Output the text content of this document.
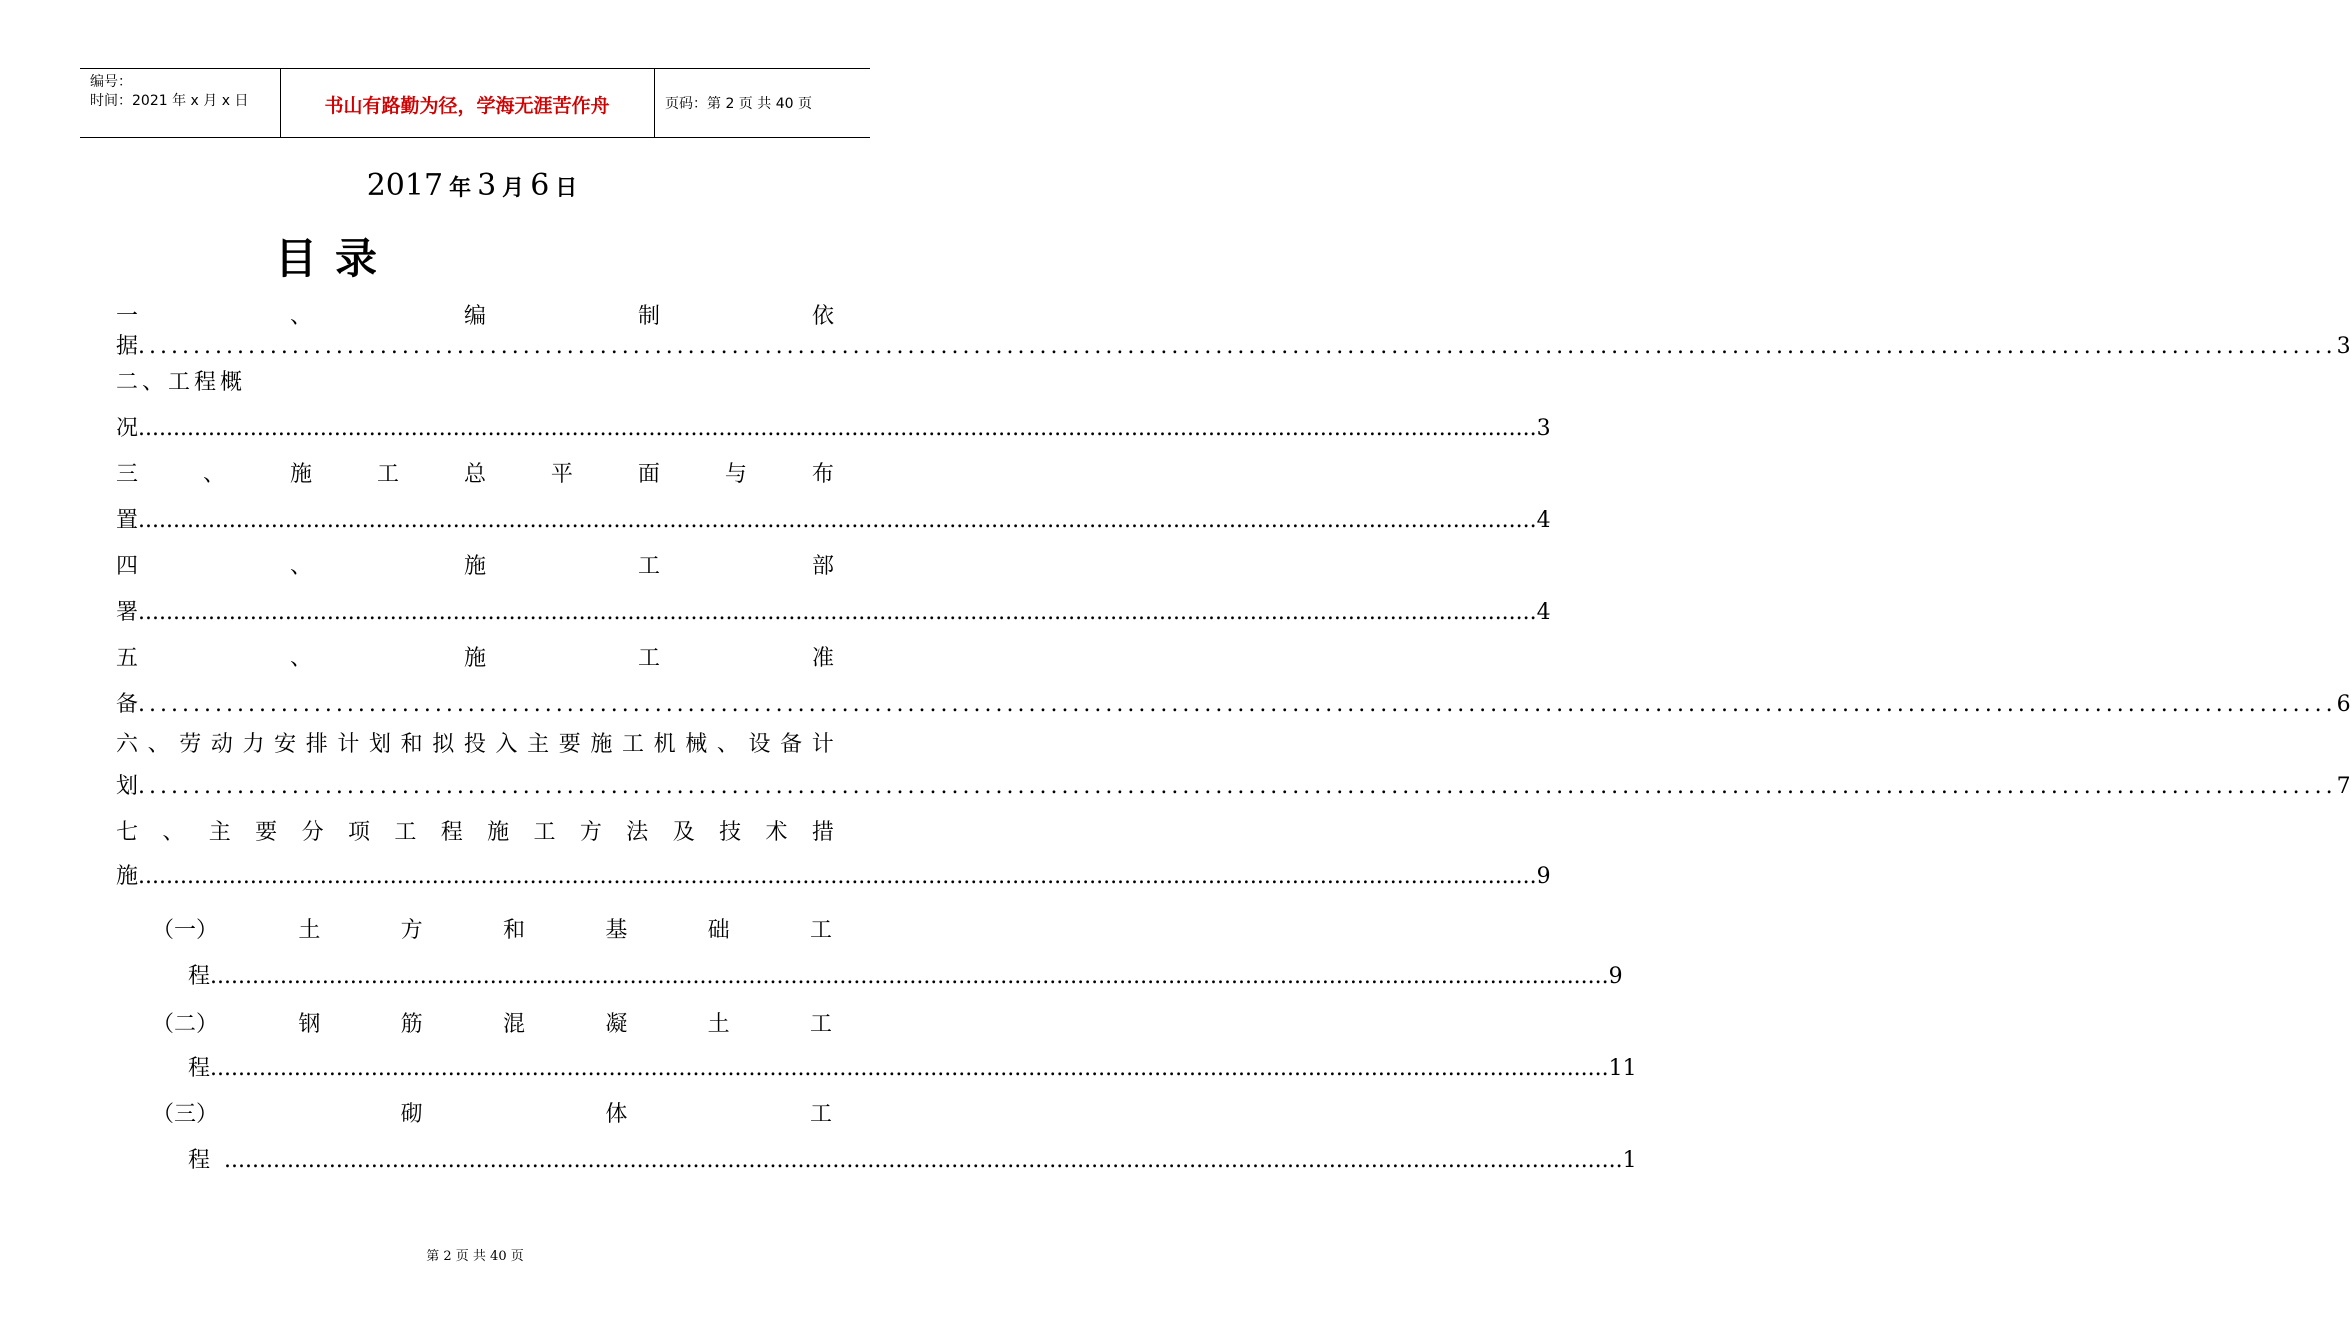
编号：
时间：2021 年 x 月 x 日	书山有路勤为径，学海无涯苦作舟	页码：第 2 页 共 40 页
2017 年 3 月 6 日
目录
一	、	编	制	依
据 ........................................................................................................................................................................................................ 3
二、工程概
况 ........................................................................................................................................................................................................ 3
三	、	施	工	总	平	面	与	布
置 ........................................................................................................................................................................................................ 4
四	、	施	工	部
署 ........................................................................................................................................................................................................ 4
五	、	施	工	准
备 ........................................................................................................................................................................................................ 6
六 、 劳 动 力 安 排 计 划 和 拟 投 入 主 要 施 工 机 械 、 设 备 计
划 ........................................................................................................................................................................................................ 7
七 、 主 要 分 项 工 程 施 工 方 法 及 技 术 措
施 ........................................................................................................................................................................................................ 9
（一）	土	方	和	基	础	工
程 ........................................................................................................................................................................................................ 9
（二）	钢	筋	混	凝	土	工
程 ........................................................................................................................................................................................................ 11
（三）	砌	体	工
程 ........................................................................................................................................................................................................ 1
第 2 页 共 40 页
